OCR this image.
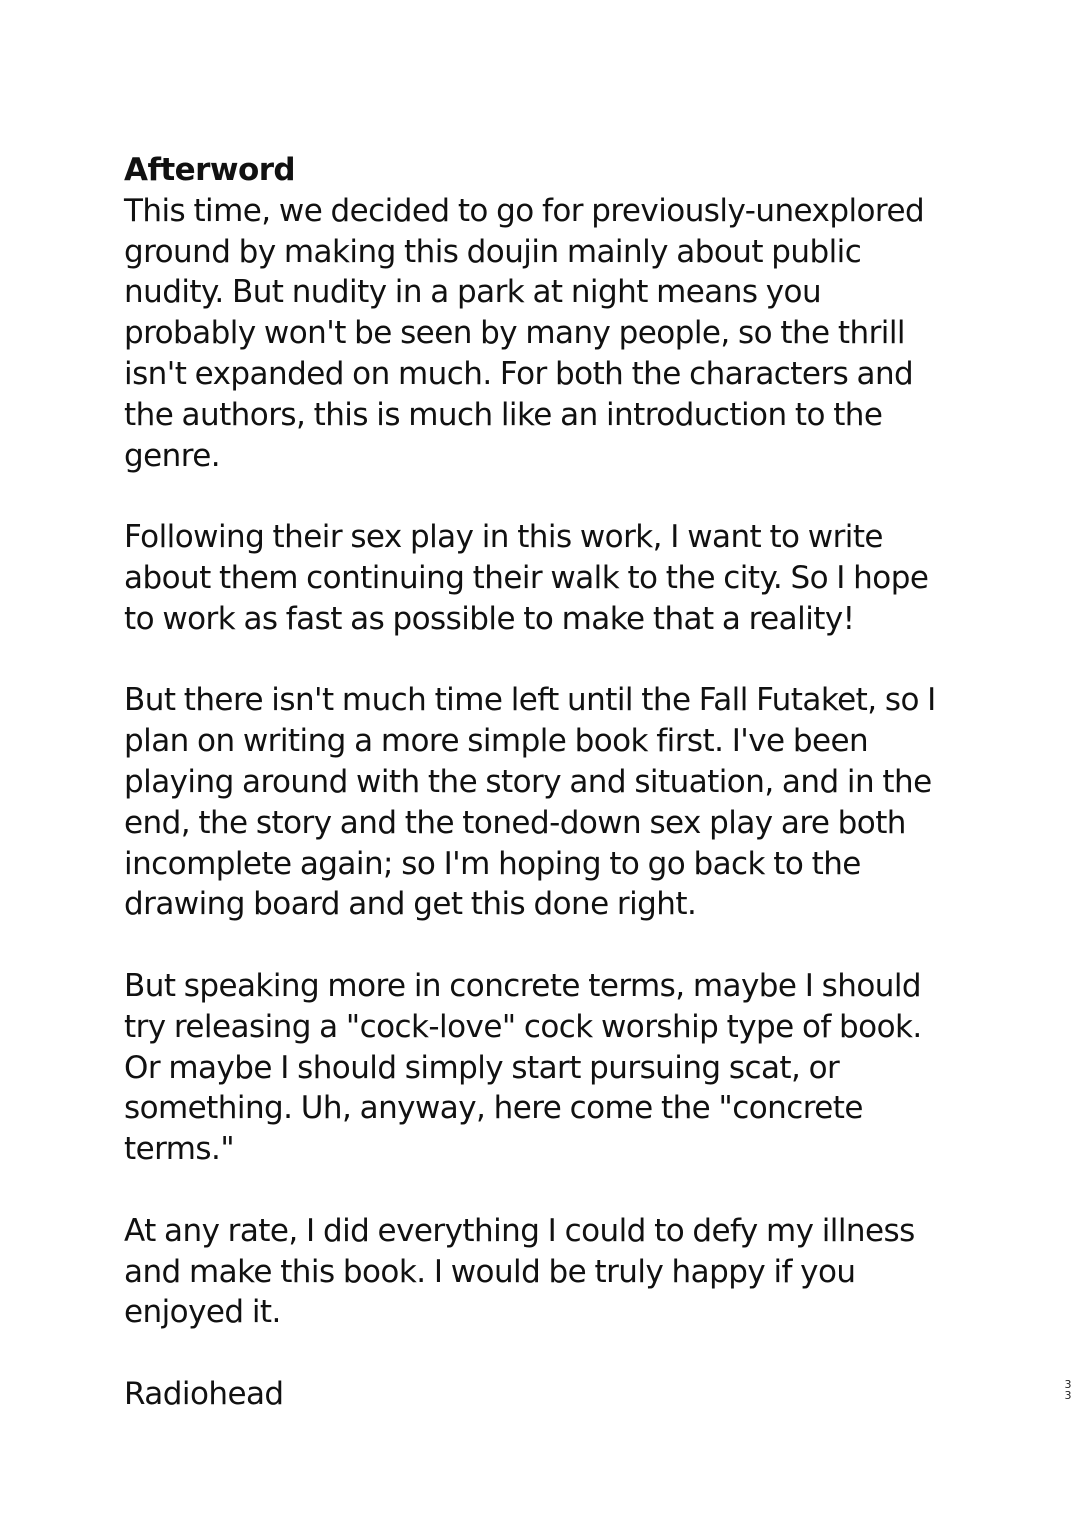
Afterword

This time, we decided to go for previously-unexplored ground by making this doujin mainly about public nudity. But nudity in a park at night means you probably won't be seen by many people, so the thrill isn't expanded on much. For both the characters and the authors, this is much like an introduction to the genre.

Following their sex play in this work, I want to write about them continuing their walk to the city. So I hope to work as fast as possible to make that a reality!

But there isn't much time left until the Fall Futaket, so I plan on writing a more simple book first. I've been playing around with the story and situation, and in the end, the story and the toned-down sex play are both incomplete again; so I'm hoping to go back to the drawing board and get this done right.

But speaking more in concrete terms, maybe I should try releasing a "cock-love" cock worship type of book. Or maybe I should simply start pursuing scat, or something. Uh, anyway, here come the "concrete terms."

At any rate, I did everything I could to defy my illness and make this book. I would be truly happy if you enjoyed it.

Radiohead	33
